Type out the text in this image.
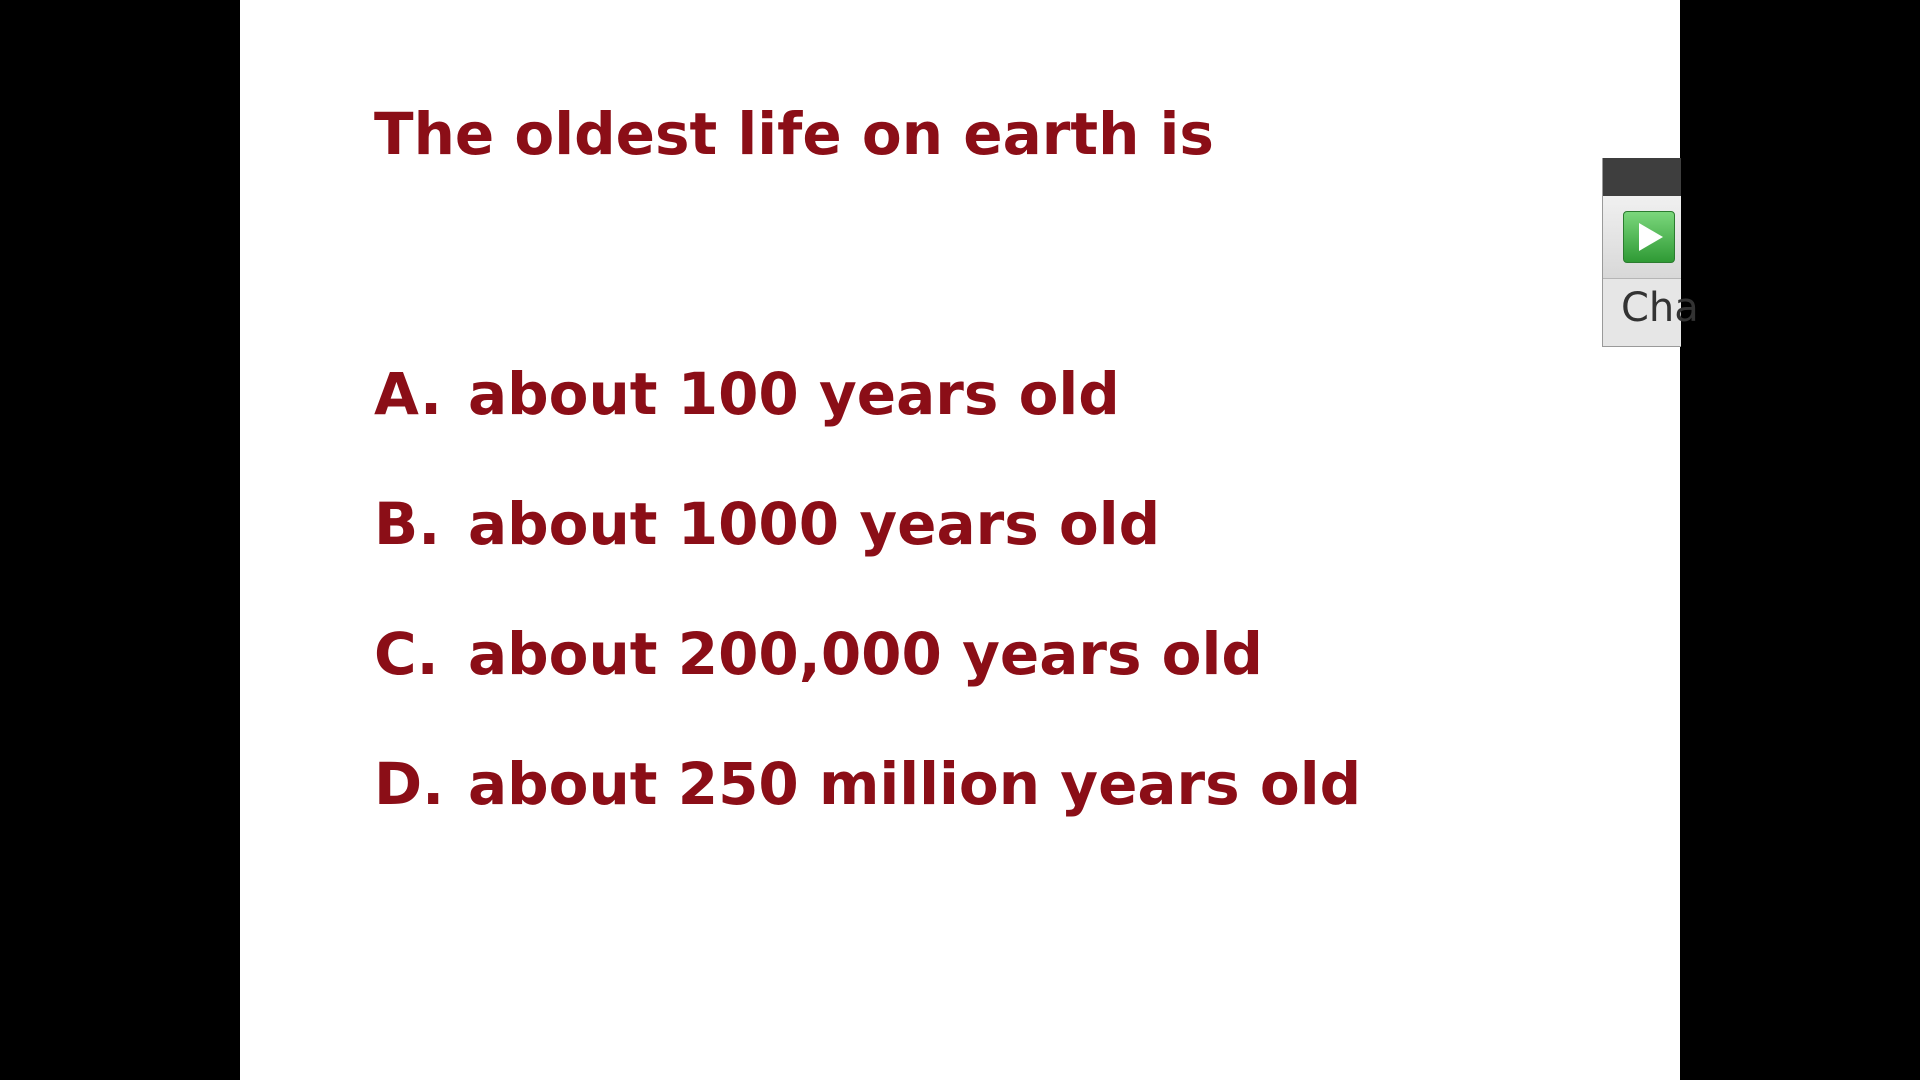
The oldest life on earth is
A. about 100 years old
B. about 1000 years old
C. about 200,000 years old
D. about 250 million years old
Cha
